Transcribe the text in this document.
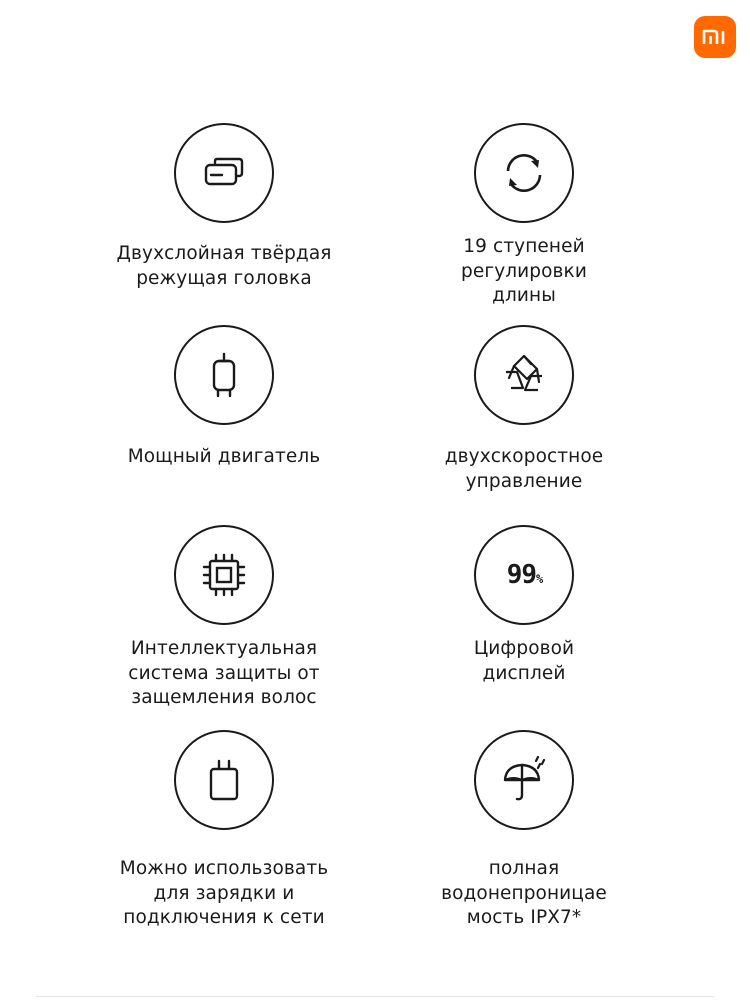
Двухслойная твёрдая
режущая головка
19 ступеней
регулировки
длины
Мощный двигатель	двухскоростное
управление
Интеллектуальная
система защиты от
защемления волос
99 %
Цифровой
дисплей
Можно использовать
для зарядки и
подключения к сети
полная
водонепроницае
мость IPX7*
